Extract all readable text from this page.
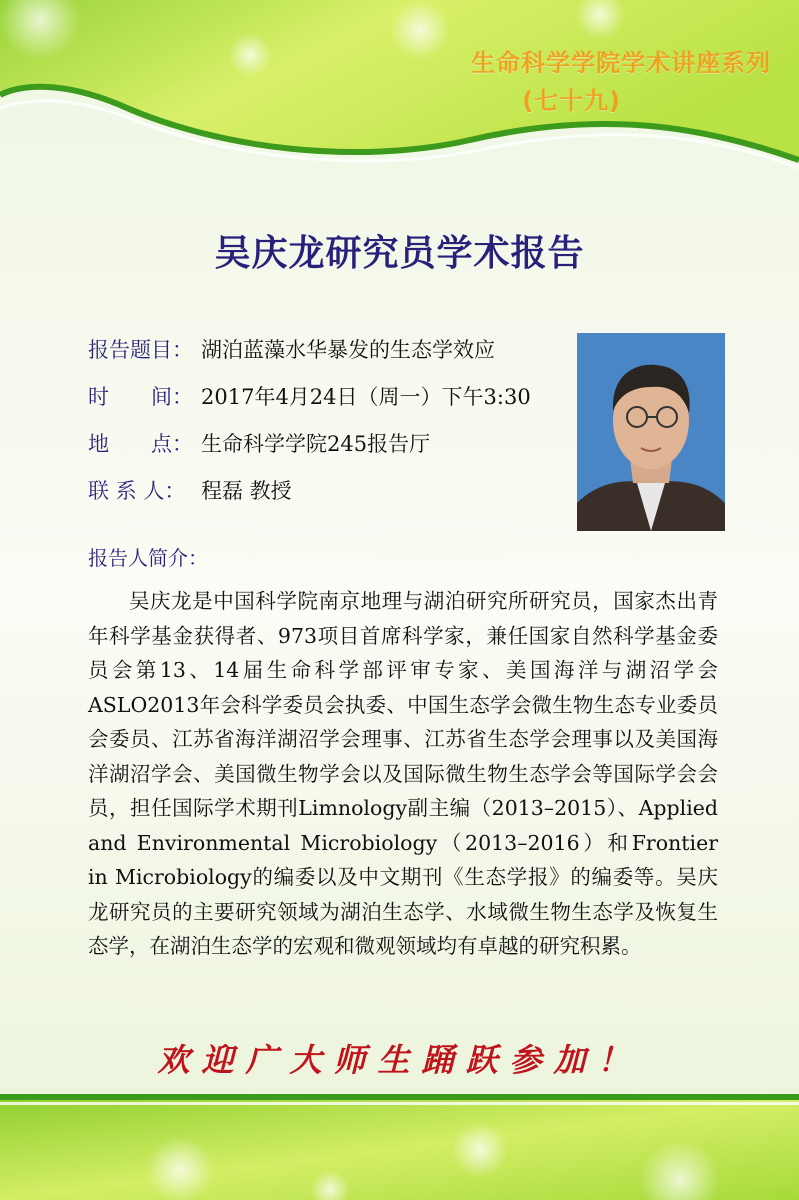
生命科学学院学术讲座系列
(七十九)
吴庆龙研究员学术报告
报告题目： 湖泊蓝藻水华暴发的生态学效应
时　　间： 2017年4月24日（周一）下午3:30
地　　点： 生命科学学院245报告厅
联 系 人： 程磊 教授
报告人简介：
吴庆龙是中国科学院南京地理与湖泊研究所研究员，国家杰出青年科学基金获得者、973项目首席科学家，兼任国家自然科学基金委员会第13、14届生命科学部评审专家、美国海洋与湖沼学会ASLO2013年会科学委员会执委、中国生态学会微生物生态专业委员会委员、江苏省海洋湖沼学会理事、江苏省生态学会理事以及美国海洋湖沼学会、美国微生物学会以及国际微生物生态学会等国际学会会员，担任国际学术期刊Limnology副主编（2013–2015）、Applied and Environmental Microbiology（2013–2016）和Frontier in Microbiology的编委以及中文期刊《生态学报》的编委等。吴庆龙研究员的主要研究领域为湖泊生态学、水域微生物生态学及恢复生态学，在湖泊生态学的宏观和微观领域均有卓越的研究积累。
欢迎广大师生踊跃参加！
